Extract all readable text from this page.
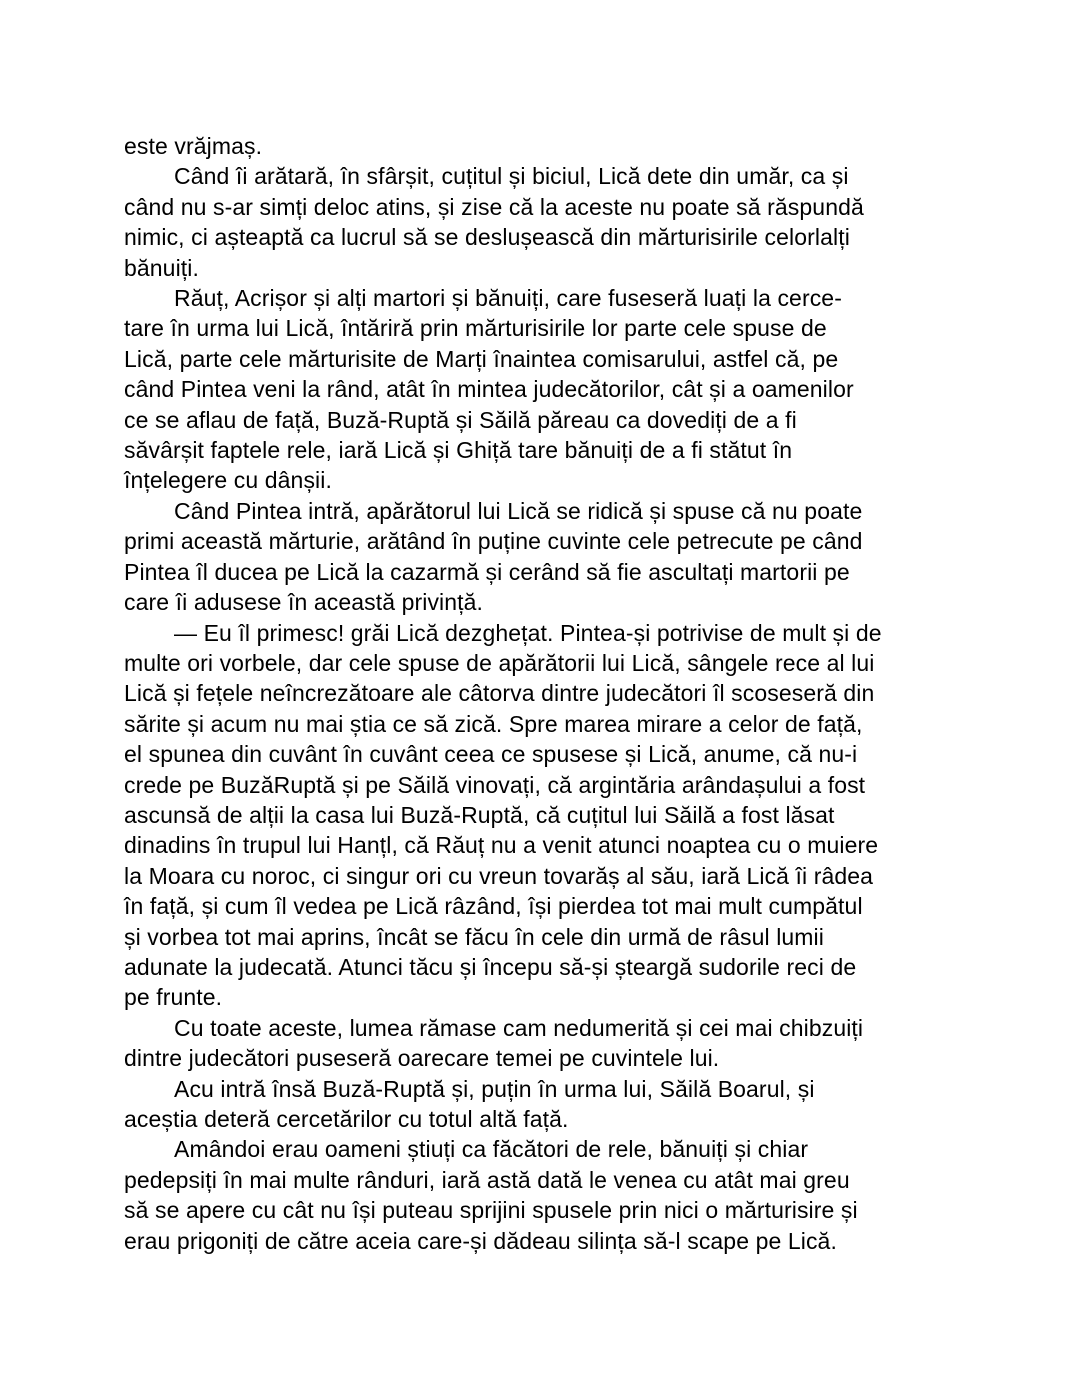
este vrăjmaș.

Când îi arătară, în sfârșit, cuțitul și biciul, Lică dete din umăr, ca și
când nu s-ar simți deloc atins, și zise că la aceste nu poate să răspundă
nimic, ci așteaptă ca lucrul să se deslușească din mărturisirile celorlalți
bănuiți.

Răuț, Acrișor și alți martori și bănuiți, care fuseseră luați la cerce-
tare în urma lui Lică, întăriră prin mărturisirile lor parte cele spuse de
Lică, parte cele mărturisite de Marți înaintea comisarului, astfel că, pe
când Pintea veni la rând, atât în mintea judecătorilor, cât și a oamenilor
ce se aflau de față, Buză-Ruptă și Săilă păreau ca dovediți de a fi
săvârșit faptele rele, iară Lică și Ghiță tare bănuiți de a fi stătut în
înțelegere cu dânșii.

Când Pintea intră, apărătorul lui Lică se ridică și spuse că nu poate
primi această mărturie, arătând în puține cuvinte cele petrecute pe când
Pintea îl ducea pe Lică la cazarmă și cerând să fie ascultați martorii pe
care îi adusese în această privință.

— Eu îl primesc! grăi Lică dezghețat. Pintea-și potrivise de mult și de
multe ori vorbele, dar cele spuse de apărătorii lui Lică, sângele rece al lui
Lică și fețele neîncrezătoare ale câtorva dintre judecători îl scoseseră din
sărite și acum nu mai știa ce să zică. Spre marea mirare a celor de față,
el spunea din cuvânt în cuvânt ceea ce spusese și Lică, anume, că nu-i
crede pe BuzăRuptă și pe Săilă vinovați, că argintăria arândașului a fost
ascunsă de alții la casa lui Buză-Ruptă, că cuțitul lui Săilă a fost lăsat
dinadins în trupul lui Hanțl, că Răuț nu a venit atunci noaptea cu o muiere
la Moara cu noroc, ci singur ori cu vreun tovarăș al său, iară Lică îi râdea
în față, și cum îl vedea pe Lică râzând, își pierdea tot mai mult cumpătul
și vorbea tot mai aprins, încât se făcu în cele din urmă de râsul lumii
adunate la judecată. Atunci tăcu și începu să-și șteargă sudorile reci de
pe frunte.

Cu toate aceste, lumea rămase cam nedumerită și cei mai chibzuiți
dintre judecători puseseră oarecare temei pe cuvintele lui.

Acu intră însă Buză-Ruptă și, puțin în urma lui, Săilă Boarul, și
aceștia deteră cercetărilor cu totul altă față.

Amândoi erau oameni știuți ca făcători de rele, bănuiți și chiar
pedepsiți în mai multe rânduri, iară astă dată le venea cu atât mai greu
să se apere cu cât nu își puteau sprijini spusele prin nici o mărturisire și
erau prigoniți de către aceia care-și dădeau silința să-l scape pe Lică.
